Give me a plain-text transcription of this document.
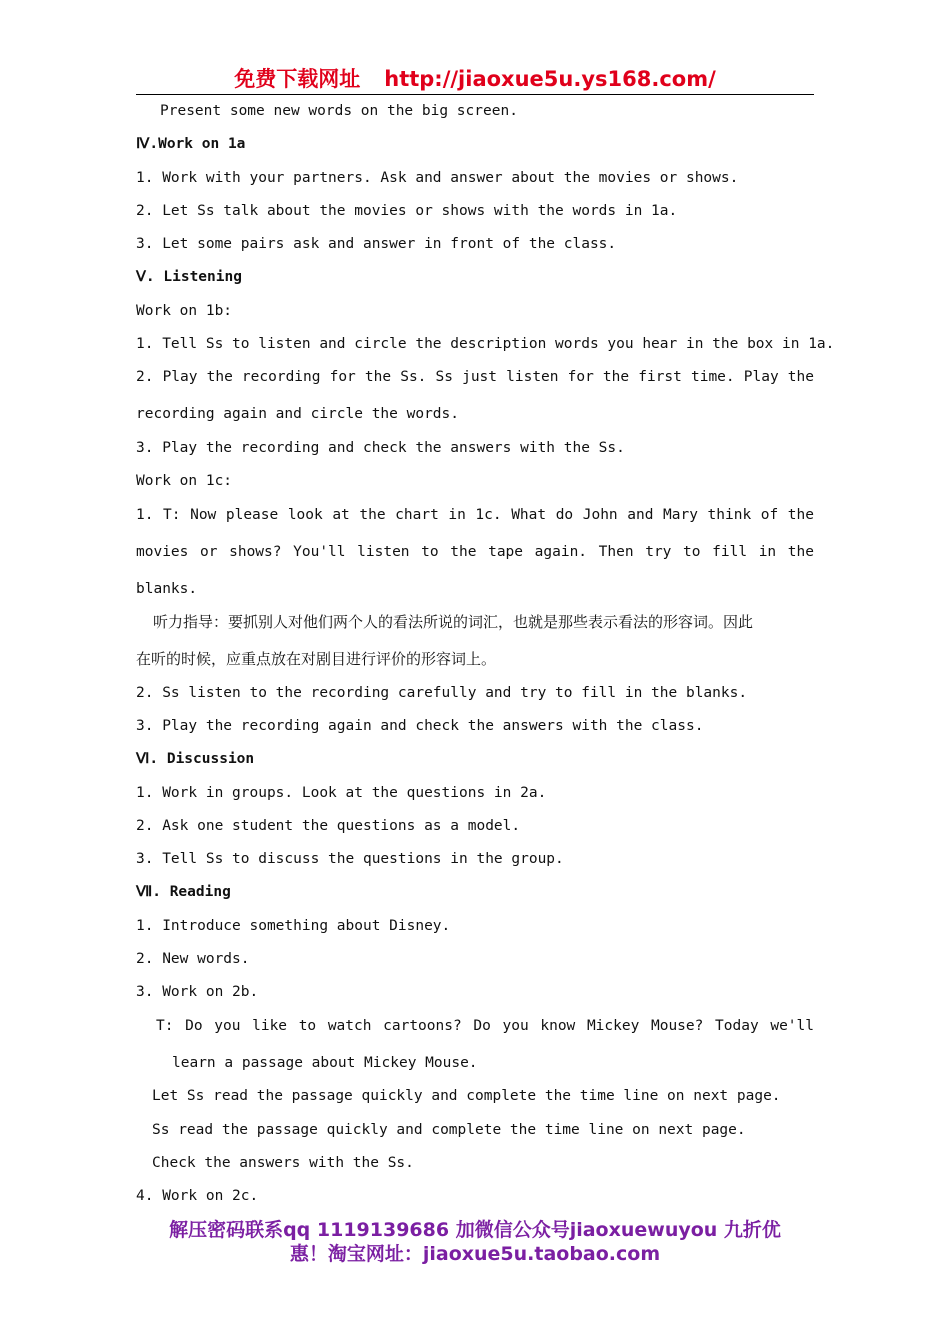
免费下载网址 http://jiaoxue5u.ys168.com/
Present some new words on the big screen.
Ⅳ.Work on 1a
1. Work with your partners. Ask and answer about the movies or shows.
2. Let Ss talk about the movies or shows with the words in 1a.
3. Let some pairs ask and answer in front of the class.
Ⅴ. Listening
Work on 1b:
1. Tell Ss to listen and circle the description words you hear in the box in 1a.
2. Play the recording for the Ss. Ss just listen for the first time. Play the
recording again and circle the words.
3. Play the recording and check the answers with the Ss.
Work on 1c:
1. T: Now please look at the chart in 1c. What do John and Mary think of the
movies or shows? You'll listen to the tape again. Then try to fill in the
blanks.
听力指导：要抓别人对他们两个人的看法所说的词汇，也就是那些表示看法的形容词。因此
在听的时候，应重点放在对剧目进行评价的形容词上。
2. Ss listen to the recording carefully and try to fill in the blanks.
3. Play the recording again and check the answers with the class.
Ⅵ. Discussion
1. Work in groups. Look at the questions in 2a.
2. Ask one student the questions as a model.
3. Tell Ss to discuss the questions in the group.
Ⅶ. Reading
1. Introduce something about Disney.
2. New words.
3. Work on 2b.
T: Do you like to watch cartoons? Do you know Mickey Mouse? Today we'll
learn a passage about Mickey Mouse.
Let Ss read the passage quickly and complete the time line on next page.
Ss read the passage quickly and complete the time line on next page.
Check the answers with the Ss.
4. Work on 2c.
解压密码联系qq 1119139686 加微信公众号jiaoxuewuyou 九折优
惠！淘宝网址：jiaoxue5u.taobao.com
